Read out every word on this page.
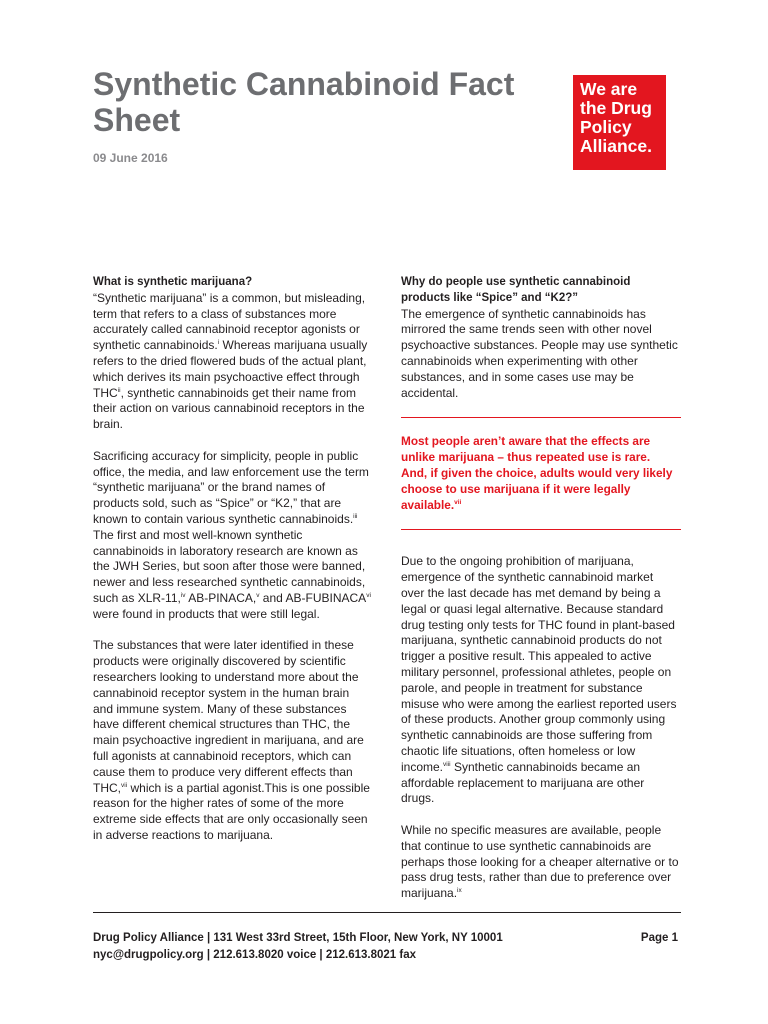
Synthetic Cannabinoid Fact Sheet
09 June 2016
We are
the Drug
Policy
Alliance.
What is synthetic marijuana?

“Synthetic marijuana” is a common, but misleading, term that refers to a class of substances more accurately called cannabinoid receptor agonists or synthetic cannabinoids.$^i$ Whereas marijuana usually refers to the dried flowered buds of the actual plant, which derives its main psychoactive effect through THC$^{ii}$, synthetic cannabinoids get their name from their action on various cannabinoid receptors in the brain.

Sacrificing accuracy for simplicity, people in public office, the media, and law enforcement use the term “synthetic marijuana” or the brand names of products sold, such as “Spice” or “K2,” that are known to contain various synthetic cannabinoids.$^{iii}$ The first and most well-known synthetic cannabinoids in laboratory research are known as the JWH Series, but soon after those were banned, newer and less researched synthetic cannabinoids, such as XLR-11,$^{iv}$ AB-PINACA,$^v$ and AB-FUBINACA$^{vi}$ were found in products that were still legal.

The substances that were later identified in these products were originally discovered by scientific researchers looking to understand more about the cannabinoid receptor system in the human brain and immune system. Many of these substances have different chemical structures than THC, the main psychoactive ingredient in marijuana, and are full agonists at cannabinoid receptors, which can cause them to produce very different effects than THC,$^{vii}$ which is a partial agonist.This is one possible reason for the higher rates of some of the more extreme side effects that are only occasionally seen in adverse reactions to marijuana.

Why do people use synthetic cannabinoid products like “Spice” and “K2?”

The emergence of synthetic cannabinoids has mirrored the same trends seen with other novel psychoactive substances. People may use synthetic cannabinoids when experimenting with other substances, and in some cases use may be accidental.

Most people aren’t aware that the effects are unlike marijuana – thus repeated use is rare. And, if given the choice, adults would very likely choose to use marijuana if it were legally available.$^{vii}$

Due to the ongoing prohibition of marijuana, emergence of the synthetic cannabinoid market over the last decade has met demand by being a legal or quasi legal alternative. Because standard drug testing only tests for THC found in plant-based marijuana, synthetic cannabinoid products do not trigger a positive result. This appealed to active military personnel, professional athletes, people on parole, and people in treatment for substance misuse who were among the earliest reported users of these products. Another group commonly using synthetic cannabinoids are those suffering from chaotic life situations, often homeless or low income.$^{viii}$ Synthetic cannabinoids became an affordable replacement to marijuana are other drugs.

While no specific measures are available, people that continue to use synthetic cannabinoids are perhaps those looking for a cheaper alternative or to pass drug tests, rather than due to preference over marijuana.$^{ix}$

Drug Policy Alliance | 131 West 33rd Street, 15th Floor, New York, NY 10001
nyc@drugpolicy.org | 212.613.8020 voice | 212.613.8021 fax
Page 1
